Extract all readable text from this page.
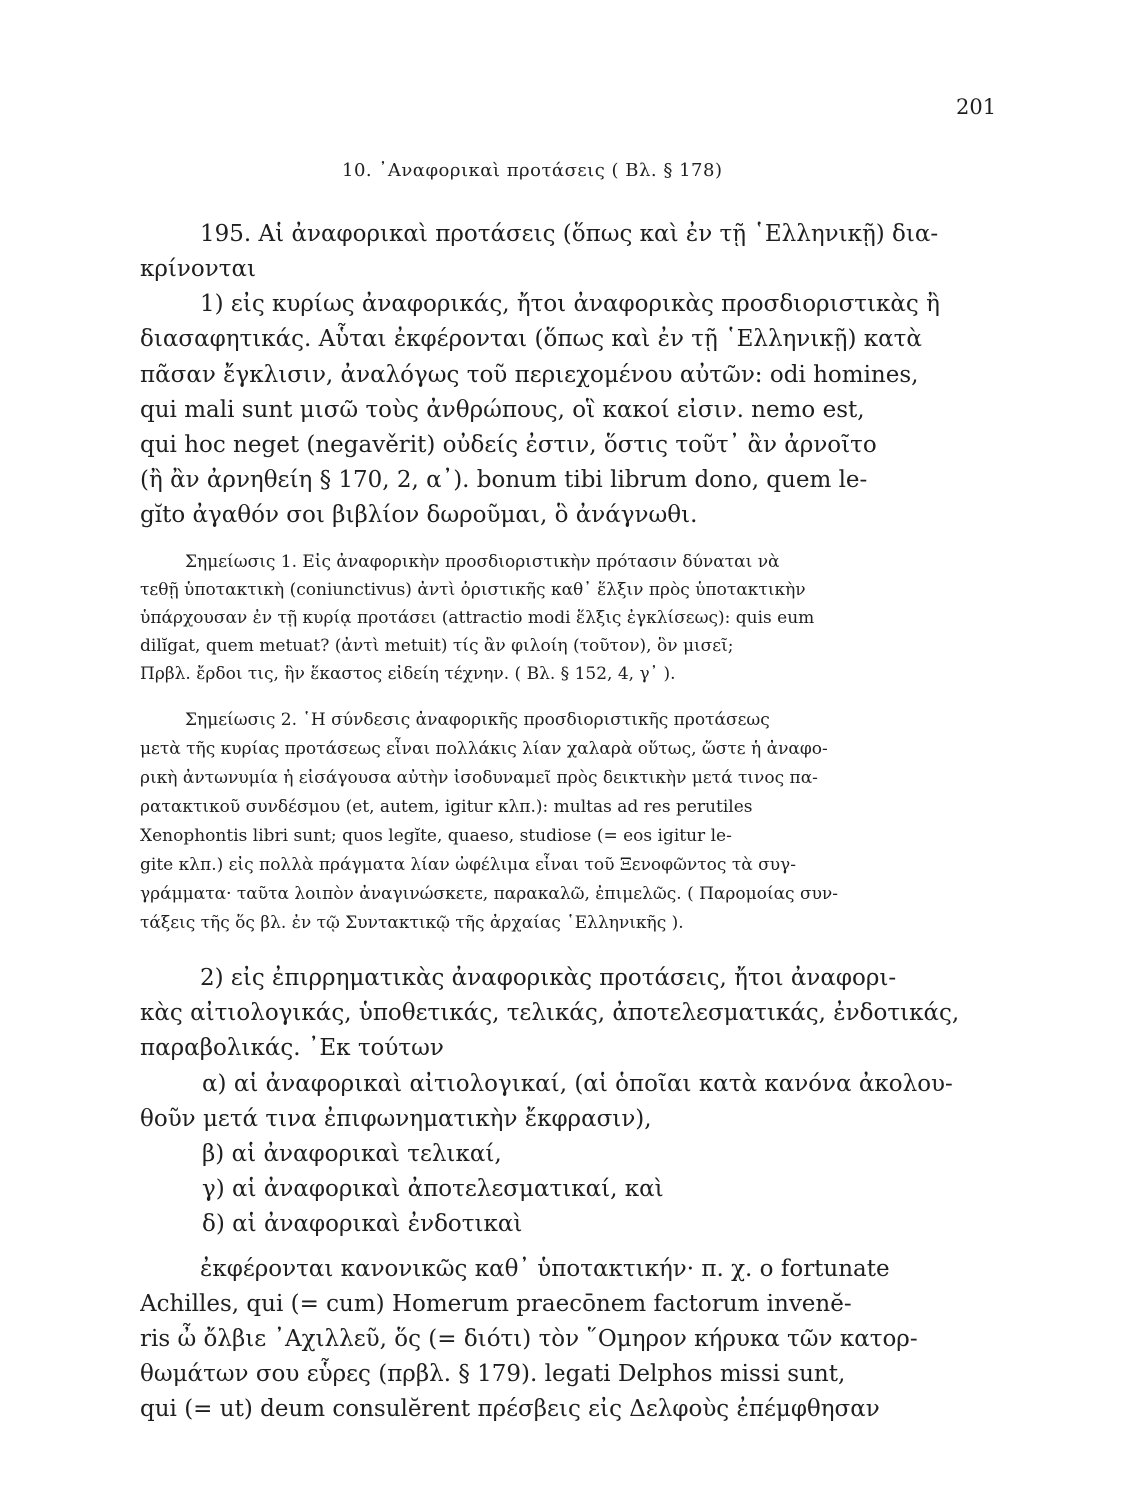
201
10. ᾽Αναφορικαὶ προτάσεις ( Βλ. § 178)
195. Αἱ ἀναφορικαὶ προτάσεις (ὅπως καὶ ἐν τῇ ῾Ελληνικῇ) δια-
κρίνονται
1) εἰς κυρίως ἀναφορικάς, ἤτοι ἀναφορικὰς προσδιοριστικὰς ἢ
διασαφητικάς. Αὗται ἐκφέρονται (ὅπως καὶ ἐν τῇ ῾Ελληνικῇ) κατὰ
πᾶσαν ἔγκλισιν, ἀναλόγως τοῦ περιεχομένου αὐτῶν: odi homines,
qui mali sunt μισῶ τοὺς ἀνθρώπους, οἳ κακοί εἰσιν. nemo est,
qui hoc neget (negavěrit) οὐδείς ἐστιν, ὅστις τοῦτ᾽ ἂν ἀρνοῖτο
(ἢ ἂν ἀρνηθείη § 170, 2, α᾽). bonum tibi librum dono, quem le-
gĭto ἀγαθόν σοι βιβλίον δωροῦμαι, ὃ ἀνάγνωθι.
Σημείωσις 1. Εἰς ἀναφορικὴν προσδιοριστικὴν πρότασιν δύναται νὰ
τεθῇ ὑποτακτικὴ (coniunctivus) ἀντὶ ὁριστικῆς καθ᾽ ἕλξιν πρὸς ὑποτακτικὴν
ὑπάρχουσαν ἐν τῇ κυρίᾳ προτάσει (attractio modi ἕλξις ἐγκλίσεως): quis eum
dilĭgat, quem metuat? (ἀντὶ metuit) τίς ἂν φιλοίη (τοῦτον), ὃν μισεῖ;
Πρβλ. ἔρδοι τις, ἣν ἕκαστος εἰδείη τέχνην. ( Βλ. § 152, 4, γ᾽ ).
Σημείωσις 2. ῾Η σύνδεσις ἀναφορικῆς προσδιοριστικῆς προτάσεως
μετὰ τῆς κυρίας προτάσεως εἶναι πολλάκις λίαν χαλαρὰ οὕτως, ὥστε ἡ ἀναφο-
ρικὴ ἀντωνυμία ἡ εἰσάγουσα αὐτὴν ἰσοδυναμεῖ πρὸς δεικτικὴν μετά τινος πα-
ρατακτικοῦ συνδέσμου (et, autem, igitur κλπ.): multas ad res perutiles
Xenophontis libri sunt; quos legĭte, quaeso, studiose (= eos igitur le-
gite κλπ.) εἰς πολλὰ πράγματα λίαν ὠφέλιμα εἶναι τοῦ Ξενοφῶντος τὰ συγ-
γράμματα· ταῦτα λοιπὸν ἀναγινώσκετε, παρακαλῶ, ἐπιμελῶς. ( Παρομοίας συν-
τάξεις τῆς ὅς βλ. ἐν τῷ Συντακτικῷ τῆς ἀρχαίας ῾Ελληνικῆς ).
2) εἰς ἐπιρρηματικὰς ἀναφορικὰς προτάσεις, ἤτοι ἀναφορι-
κὰς αἰτιολογικάς, ὑποθετικάς, τελικάς, ἀποτελεσματικάς, ἐνδοτικάς,
παραβολικάς. ᾽Εκ τούτων
α) αἱ ἀναφορικαὶ αἰτιολογικαί, (αἱ ὁποῖαι κατὰ κανόνα ἀκολου-
θοῦν μετά τινα ἐπιφωνηματικὴν ἔκφρασιν),
β) αἱ ἀναφορικαὶ τελικαί,
γ) αἱ ἀναφορικαὶ ἀποτελεσματικαί, καὶ
δ) αἱ ἀναφορικαὶ ἐνδοτικαὶ
ἐκφέρονται κανονικῶς καθ᾽ ὑποτακτικήν· π. χ. o fortunate
Achilles, qui (= cum) Homerum praecōnem factorum invenĕ-
ris ὦ ὄλβιε ᾽Αχιλλεῦ, ὅς (= διότι) τὸν ῞Ομηρον κήρυκα τῶν κατορ-
θωμάτων σου εὗρες (πρβλ. § 179). legati Delphos missi sunt,
qui (= ut) deum consulĕrent πρέσβεις εἰς Δελφοὺς ἐπέμφθησαν
